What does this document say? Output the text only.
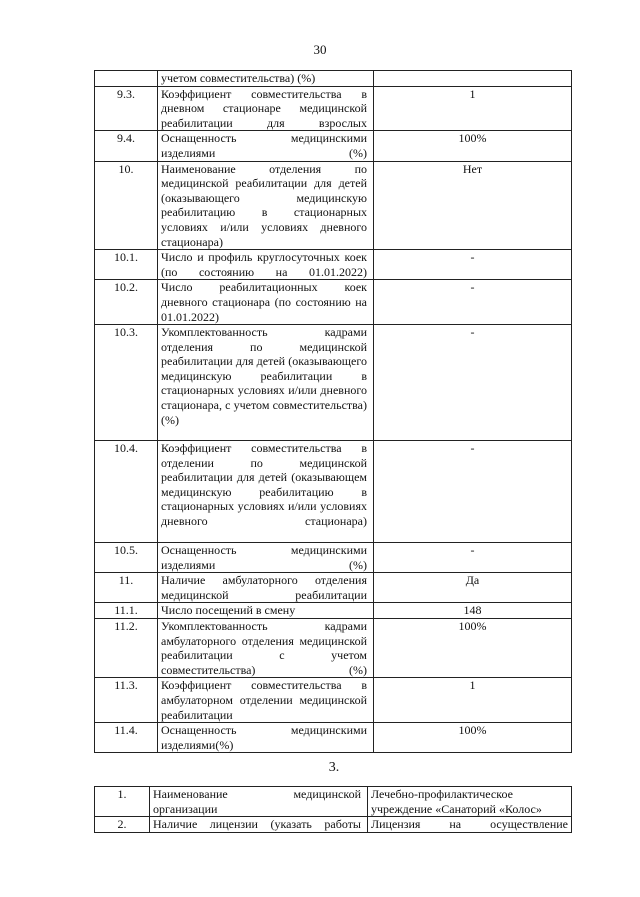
30
	учетом совместительства) (%)	
9.3.	Коэффициент совместительства в дневном стационаре медицинской реабилитации для взрослых	1
9.4.	Оснащенность медицинскими изделиями (%)	100%
10.	Наименование отделения по медицинской реабилитации для детей (оказывающего медицинскую реабилитацию в стационарных условиях и/или условиях дневного стационара)	Нет
10.1.	Число и профиль круглосуточных коек (по состоянию на 01.01.2022)	-
10.2.	Число реабилитационных коек дневного стационара (по состоянию на 01.01.2022)	-
10.3.	Укомплектованность кадрами отделения по медицинской реабилитации для детей (оказывающего медицинскую реабилитации в стационарных условиях и/или дневного стационара, с учетом совместительства) (%)	-
10.4.	Коэффициент совместительства в отделении по медицинской реабилитации для детей (оказывающем медицинскую реабилитацию в стационарных условиях и/или условиях дневного стационара)	-
10.5.	Оснащенность медицинскими изделиями (%)	-
11.	Наличие амбулаторного отделения медицинской реабилитации	Да
11.1.	Число посещений в смену	148
11.2.	Укомплектованность кадрами амбулаторного отделения медицинской реабилитации с учетом совместительства) (%)	100%
11.3.	Коэффициент совместительства в амбулаторном отделении медицинской реабилитации	1
11.4.	Оснащенность медицинскими изделиями(%)	100%
3.
1.	Наименование медицинской организации	Лечебно-профилактическое учреждение «Санаторий «Колос»
2.	Наличие лицензии (указать работы	Лицензия на осуществление
